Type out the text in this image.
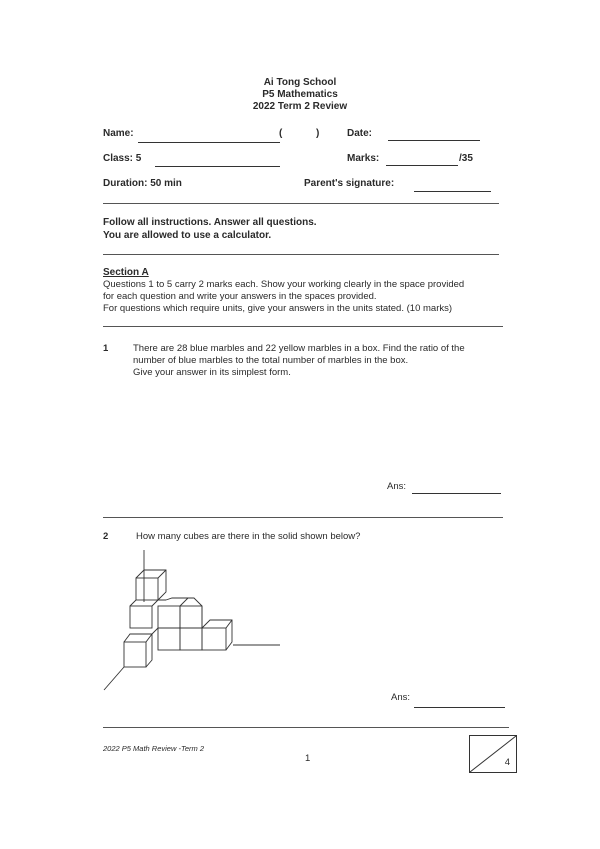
Ai Tong School
P5 Mathematics
2022 Term 2 Review
Name:	(	)	Date:
Class: 5	Marks:	/35
Duration: 50 min	Parent's signature:
Follow all instructions. Answer all questions.
You are allowed to use a calculator.
Section A
Questions 1 to 5 carry 2 marks each. Show your working clearly in the space provided
for each question and write your answers in the spaces provided.
For questions which require units, give your answers in the units stated. (10 marks)
1	There are 28 blue marbles and 22 yellow marbles in a box. Find the ratio of the
number of blue marbles to the total number of marbles in the box.
Give your answer in its simplest form.
Ans:
2	How many cubes are there in the solid shown below?
Ans:
2022 P5 Math Review -Term 2
1	4
